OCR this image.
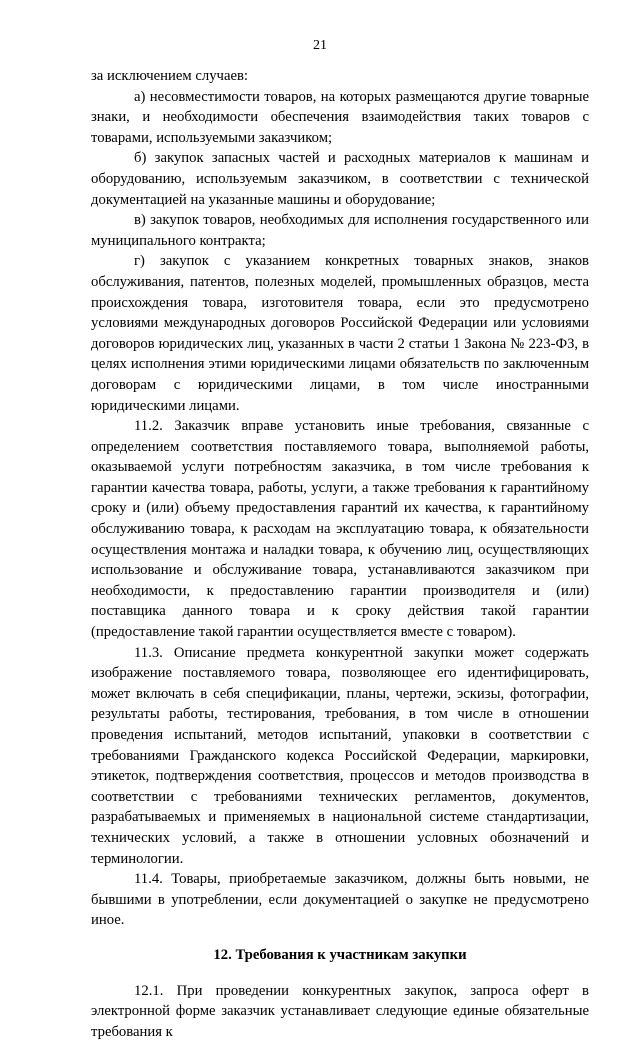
21

за исключением случаев:

а) несовместимости товаров, на которых размещаются другие товарные знаки, и необходимости обеспечения взаимодействия таких товаров с товарами, используемыми заказчиком;

б) закупок запасных частей и расходных материалов к машинам и оборудованию, используемым заказчиком, в соответствии с технической документацией на указанные машины и оборудование;

в) закупок товаров, необходимых для исполнения государственного или муниципального контракта;

г) закупок с указанием конкретных товарных знаков, знаков обслуживания, патентов, полезных моделей, промышленных образцов, места происхождения товара, изготовителя товара, если это предусмотрено условиями международных договоров Российской Федерации или условиями договоров юридических лиц, указанных в части 2 статьи 1 Закона № 223-ФЗ, в целях исполнения этими юридическими лицами обязательств по заключенным договорам с юридическими лицами, в том числе иностранными юридическими лицами.

11.2. Заказчик вправе установить иные требования, связанные с определением соответствия поставляемого товара, выполняемой работы, оказываемой услуги потребностям заказчика, в том числе требования к гарантии качества товара, работы, услуги, а также требования к гарантийному сроку и (или) объему предоставления гарантий их качества, к гарантийному обслуживанию товара, к расходам на эксплуатацию товара, к обязательности осуществления монтажа и наладки товара, к обучению лиц, осуществляющих использование и обслуживание товара, устанавливаются заказчиком при необходимости, к предоставлению гарантии производителя и (или) поставщика данного товара и к сроку действия такой гарантии (предоставление такой гарантии осуществляется вместе с товаром).

11.3. Описание предмета конкурентной закупки может содержать изображение поставляемого товара, позволяющее его идентифицировать, может включать в себя спецификации, планы, чертежи, эскизы, фотографии, результаты работы, тестирования, требования, в том числе в отношении проведения испытаний, методов испытаний, упаковки в соответствии с требованиями Гражданского кодекса Российской Федерации, маркировки, этикеток, подтверждения соответствия, процессов и методов производства в соответствии с требованиями технических регламентов, документов, разрабатываемых и применяемых в национальной системе стандартизации, технических условий, а также в отношении условных обозначений и терминологии.

11.4. Товары, приобретаемые заказчиком, должны быть новыми, не бывшими в употреблении, если документацией о закупке не предусмотрено иное.

12. Требования к участникам закупки

12.1. При проведении конкурентных закупок, запроса оферт в электронной форме заказчик устанавливает следующие единые обязательные требования к
